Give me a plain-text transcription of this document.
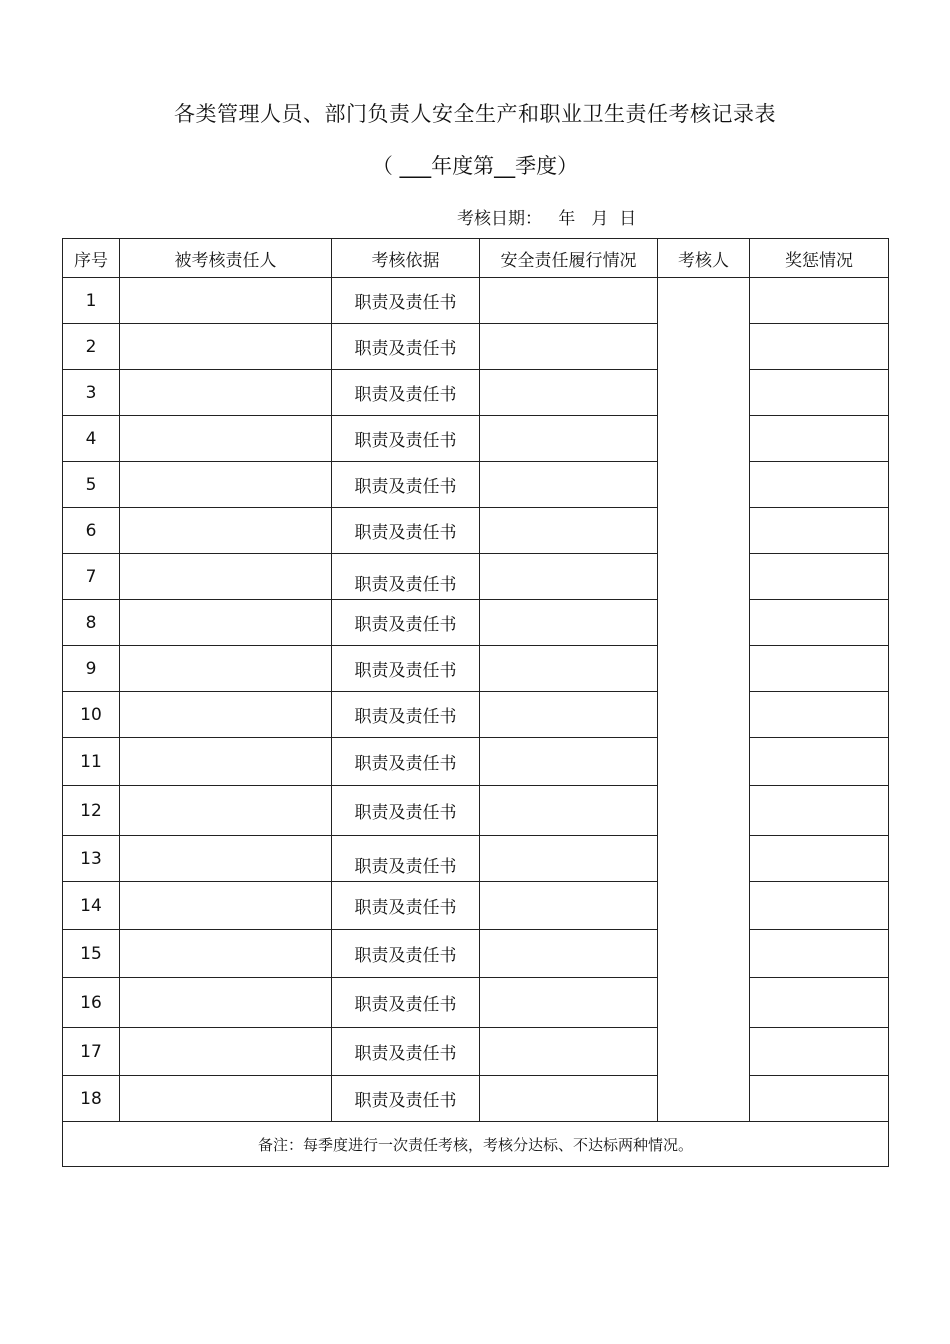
各类管理人员、部门负责人安全生产和职业卫生责任考核记录表
（ ___年度第__季度）
考核日期：   年   月  日
序号	被考核责任人	考核依据	安全责任履行情况	考核人	奖惩情况
1		职责及责任书			
2		职责及责任书			
3		职责及责任书			
4		职责及责任书			
5		职责及责任书			
6		职责及责任书			
7		职责及责任书			
8		职责及责任书			
9		职责及责任书			
10		职责及责任书			
11		职责及责任书			
12		职责及责任书			
13		职责及责任书			
14		职责及责任书			
15		职责及责任书			
16		职责及责任书			
17		职责及责任书			
18		职责及责任书			
备注：每季度进行一次责任考核，考核分达标、不达标两种情况。					
